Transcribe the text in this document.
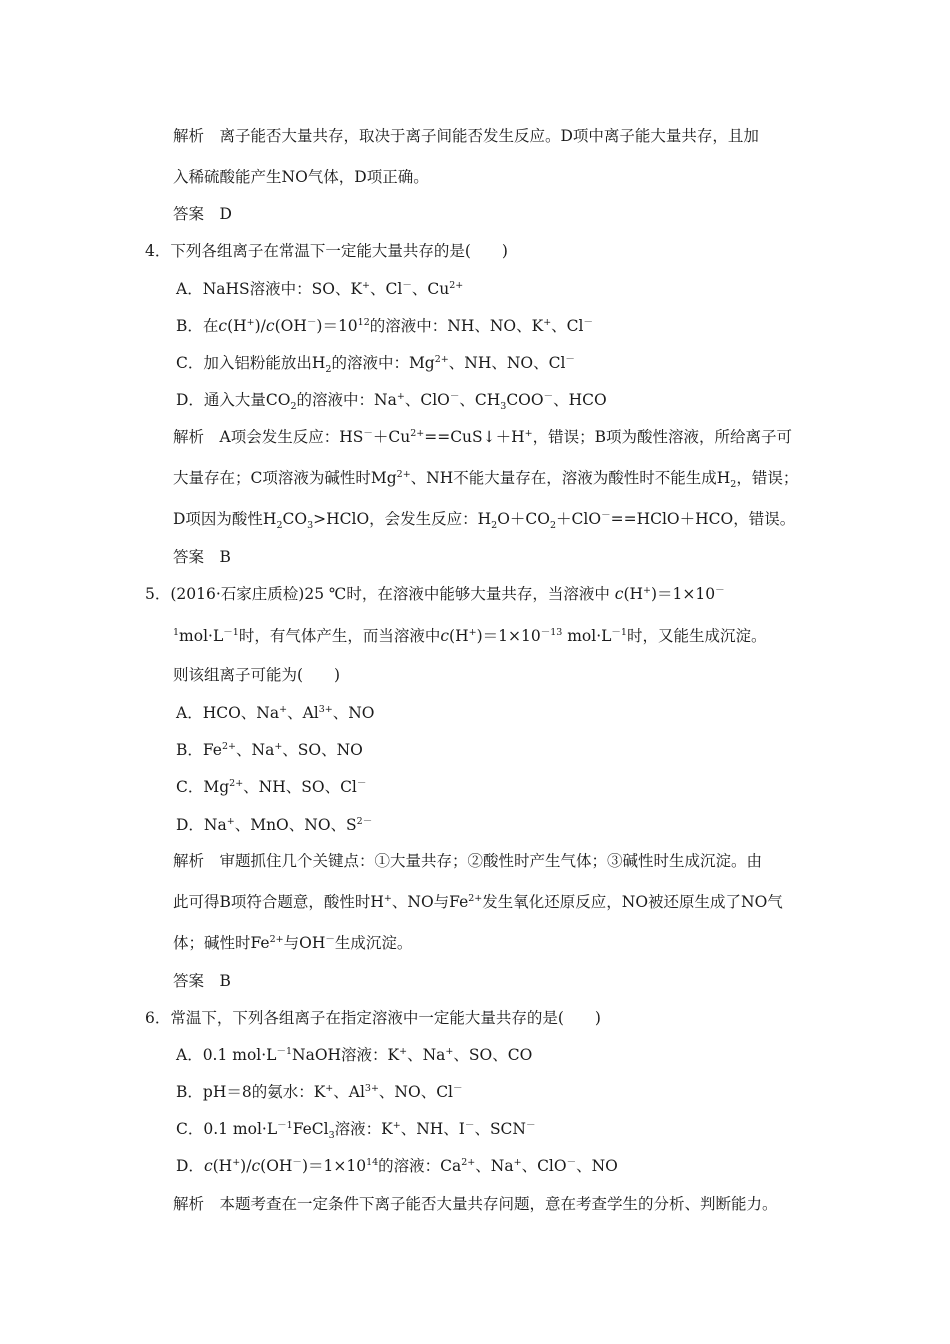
解析　离子能否大量共存，取决于离子间能否发生反应。D项中离子能大量共存，且加
入稀硫酸能产生NO气体，D项正确。
答案　D
4．下列各组离子在常温下一定能大量共存的是(　　)
A．NaHS溶液中：SO、K+、Cl－、$Cu^{2+}$
B．在$c(H^+)/c(OH^-)=10^{12}$的溶液中：NH、NO、K+、Cl－
C．加入铝粉能放出$H_2$的溶液中：$Mg^{2+}$、NH、NO、Cl－
D．通入大量$CO_2$的溶液中：Na+、ClO－、$CH_3COO^-$、HCO
解析　A项会发生反应：$HS^-+Cu^{2+}==CuS↓+H^+$，错误；B项为酸性溶液，所给离子可
大量存在；C项溶液为碱性时$Mg^{2+}$、NH不能大量存在，溶液为酸性时不能生成$H_2$，错误；
D项因为酸性$H_2CO_3>HClO$，会发生反应：$H_2O+CO_2+ClO^-==HClO+HCO$，错误。
答案　B
5．(2016·石家庄质检)25 ℃时，在溶液中能够大量共存，当溶液中 c(H+)＝1×10－
$^1mol\cdot L^{-1}$时，有气体产生，而当溶液中$c(H^+)=1\times 10^{-13}$ $mol\cdot L^{-1}$时，又能生成沉淀。
则该组离子可能为(　　)
A．HCO、Na+、$Al^{3+}$、NO
B．$Fe^{2+}$、Na+、SO、NO
C．$Mg^{2+}$、NH、SO、Cl－
D．Na+、MnO、NO、$S^{2-}$
解析　审题抓住几个关键点：①大量共存；②酸性时产生气体；③碱性时生成沉淀。由
此可得B项符合题意，酸性时H+、NO与$Fe^{2+}$发生氧化还原反应，NO被还原生成了NO气
体；碱性时$Fe^{2+}$与OH－生成沉淀。
答案　B
6．常温下，下列各组离子在指定溶液中一定能大量共存的是(　　)
A．0.1 $mol\cdot L^{-1}NaOH$溶液：K+、Na+、SO、CO
B．pH＝8的氨水：K+、$Al^{3+}$、NO、Cl－
C．0.1 $mol\cdot L^{-1}FeCl_3$溶液：K+、NH、I－、SCN－
D．$c(H^+)/c(OH^-)=1\times 10^{14}$的溶液：$Ca^{2+}$、Na+、ClO－、NO
解析　本题考查在一定条件下离子能否大量共存问题，意在考查学生的分析、判断能力。
